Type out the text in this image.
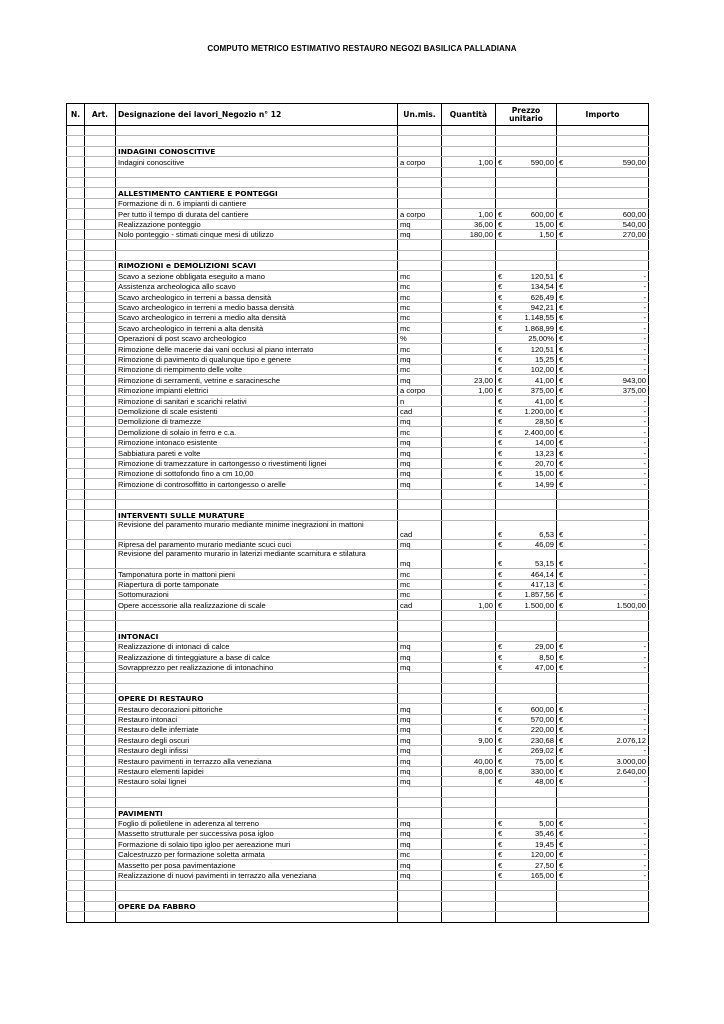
COMPUTO METRICO ESTIMATIVO RESTAURO NEGOZI BASILICA PALLADIANA
N.	Art.	Designazione dei lavori_Negozio n° 12	Un.mis.	Quantità	Prezzo unitario	Importo

		INDAGINI CONOSCITIVE				
		Indagini conoscitive	a corpo	1,00	€ 590,00	€ 590,00

		ALLESTIMENTO CANTIERE E PONTEGGI				
		Formazione di n. 6 impianti di cantiere				
		Per tutto il tempo di durata del cantiere	a corpo	1,00	€ 600,00	€ 600,00

		Realizzazione ponteggio	mq	36,00	€ 15,00	€ 540,00

		Nolo ponteggio - stimati cinque mesi di utilizzo	mq	180,00	€ 1,50	€ 270,00

		RIMOZIONI e DEMOLIZIONI SCAVI				
		Scavo a sezione obbligata eseguito a mano	mc		€ 120,51	€ -

		Assistenza archeologica allo scavo	mc		€ 134,54	€ -

		Scavo archeologico in terreni a bassa densità	mc		€ 626,49	€ -

		Scavo archeologico in terreni a medio bassa densità	mc		€ 942,21	€ -

		Scavo archeologico in terreni a medio alta densità	mc		€ 1.148,55	€ -

		Scavo archeologico in terreni a alta densità	mc		€ 1.868,99	€ -

		Operazioni di post scavo archeologico	%		25,00%	€ -

		Rimozione delle macerie dai vani occlusi al piano interrato	mc		€ 120,51	€ -

		Rimozione di pavimento di qualunque tipo e genere	mq		€ 15,25	€ -

		Rimozione di riempimento delle volte	mc		€ 102,00	€ -

		Rimozione di serramenti, vetrine e saracinesche	mq	23,00	€ 41,00	€ 943,00

		Rimozione impianti elettrici	a corpo	1,00	€ 375,00	€ 375,00

		Rimozione di sanitari e scarichi relativi	n		€ 41,00	€ -

		Demolizione di scale esistenti	cad		€ 1.200,00	€ -

		Demolizione di tramezze	mq		€ 28,50	€ -

		Demolizione di solaio in ferro e c.a.	mc		€ 2.400,00	€ -

		Rimozione intonaco esistente	mq		€ 14,00	€ -

		Sabbiatura pareti e volte	mq		€ 13,23	€ -

		Rimozione di tramezzature in cartongesso o rivestimenti lignei	mq		€ 20,70	€ -

		Rimozione di sottofondo fino a cm 10,00	mq		€ 15,00	€ -

		Rimozione di controsoffitto in cartongesso o arelle	mq		€ 14,99	€ -

		INTERVENTI SULLE MURATURE				
		Revisione del paramento murario mediante minime inegrazioni in mattoni	cad		€ 6,53	€ -

		Ripresa del paramento murario mediante scuci cuci	mq		€ 46,09	€ -

		Revisione del paramento murario in laterizi mediante scarnitura e stilatura	mq		€ 53,15	€ -

		Tamponatura porte in mattoni pieni	mc		€ 464,14	€ -

		Riapertura di porte tamponate	mc		€ 417,13	€ -

		Sottomurazioni	mc		€ 1.857,56	€ -

		Opere accessorie alla realizzazione di scale	cad	1,00	€ 1.500,00	€ 1.500,00

		INTONACI				
		Realizzazione di intonaci di calce	mq		€ 29,00	€ -

		Realizzazione di tinteggiature a base di calce	mq		€ 8,50	€ -

		Sovrapprezzo per realizzazione di intonachino	mq		€ 47,00	€ -

		OPERE DI RESTAURO				
		Restauro decorazioni pittoriche	mq		€ 600,00	€ -

		Restauro intonaci	mq		€ 570,00	€ -

		Restauro delle inferriate	mq		€ 220,00	€ -

		Restauro degli oscuri	mq	9,00	€ 230,68	€ 2.076,12

		Restauro degli infissi	mq		€ 269,02	€ -

		Restauro pavimenti in terrazzo alla veneziana	mq	40,00	€ 75,00	€ 3.000,00

		Restauro elementi lapidei	mq	8,00	€ 330,00	€ 2.640,00

		Restauro solai lignei	mq		€ 48,00	€ -

		PAVIMENTI				
		Foglio di polietilene in aderenza al terreno	mq		€ 5,00	€ -

		Massetto strutturale per successiva posa igloo	mq		€ 35,46	€ -

		Formazione di solaio tipo igloo per aereazione muri	mq		€ 19,45	€ -

		Calcestruzzo per formazione soletta armata	mc		€ 120,00	€ -

		Massetto per posa pavimentazione	mq		€ 27,50	€ -

		Realizzazione di nuovi pavimenti in terrazzo alla veneziana	mq		€ 165,00	€ -

		OPERE DA FABBRO				
